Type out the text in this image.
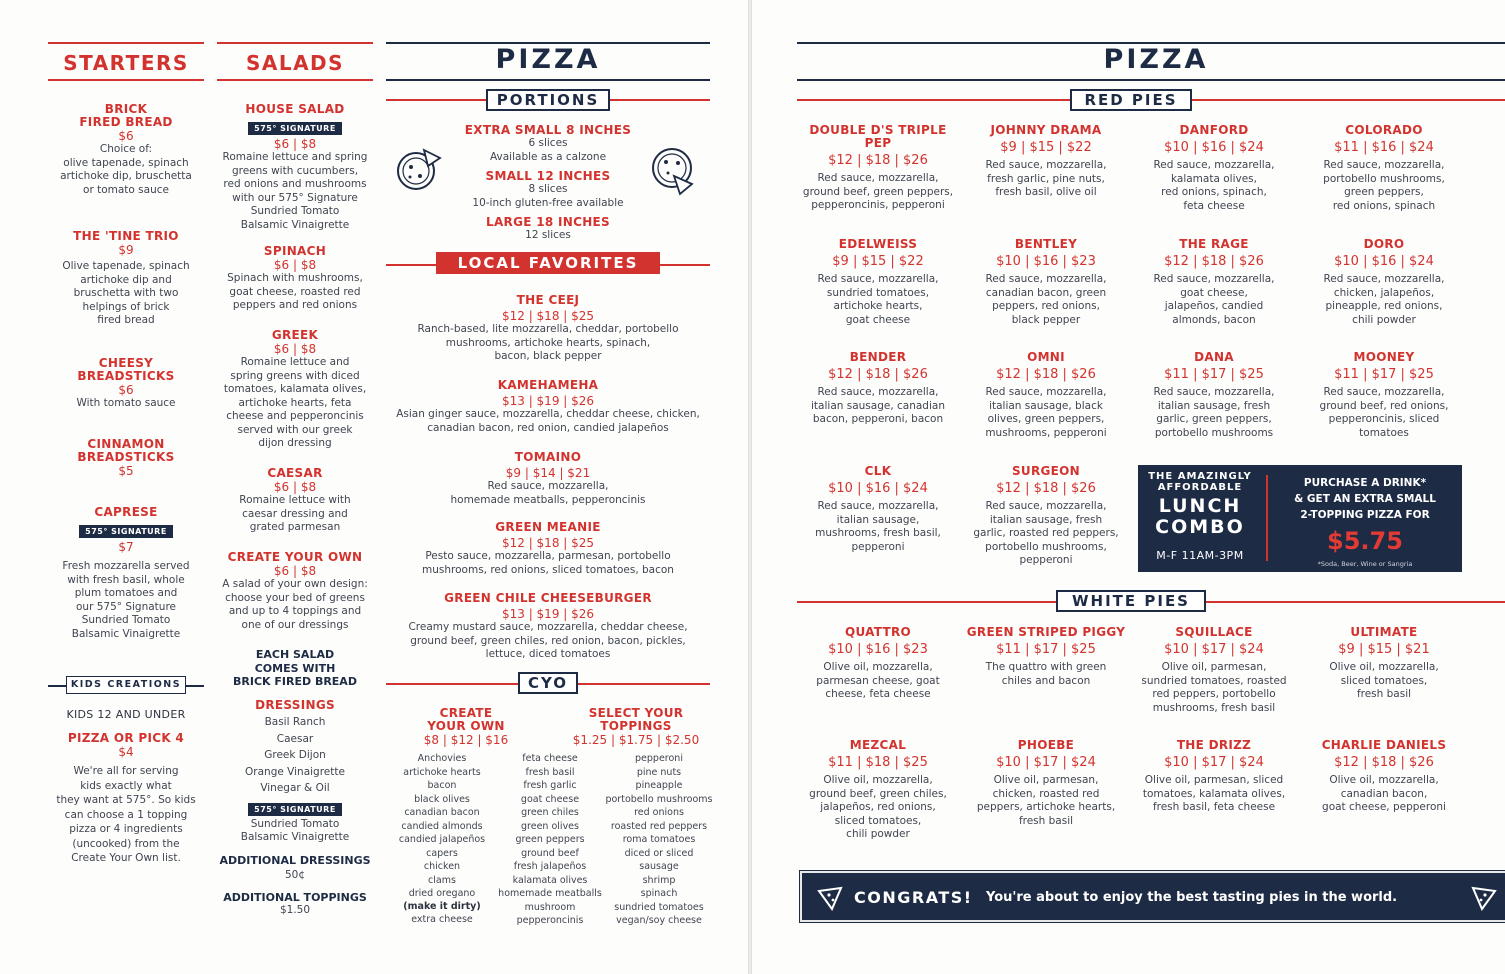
STARTERS
BRICK
FIRED BREAD
$6
Choice of:
olive tapenade, spinach
artichoke dip, bruschetta
or tomato sauce
THE 'TINE TRIO
$9
Olive tapenade, spinach
artichoke dip and
bruschetta with two
helpings of brick
fired bread
CHEESY
BREADSTICKS
$6
With tomato sauce
CINNAMON
BREADSTICKS
$5
CAPRESE
575° SIGNATURE
$7
Fresh mozzarella served
with fresh basil, whole
plum tomatoes and
our 575° Signature
Sundried Tomato
Balsamic Vinaigrette
KIDS CREATIONS
KIDS 12 AND UNDER
PIZZA OR PICK 4
$4
We're all for serving
kids exactly what
they want at 575°. So kids
can choose a 1 topping
pizza or 4 ingredients
(uncooked) from the
Create Your Own list.
SALADS
HOUSE SALAD
575° SIGNATURE
$6 | $8
Romaine lettuce and spring
greens with cucumbers,
red onions and mushrooms
with our 575° Signature
Sundried Tomato
Balsamic Vinaigrette
SPINACH
$6 | $8
Spinach with mushrooms,
goat cheese, roasted red
peppers and red onions
GREEK
$6 | $8
Romaine lettuce and
spring greens with diced
tomatoes, kalamata olives,
artichoke hearts, feta
cheese and pepperoncinis
served with our greek
dijon dressing
CAESAR
$6 | $8
Romaine lettuce with
caesar dressing and
grated parmesan
CREATE YOUR OWN
$6 | $8
A salad of your own design:
choose your bed of greens
and up to 4 toppings and
one of our dressings
EACH SALAD
COMES WITH
BRICK FIRED BREAD
DRESSINGS
Basil Ranch
Caesar
Greek Dijon
Orange Vinaigrette
Vinegar & Oil
575° SIGNATURE
Sundried Tomato
Balsamic Vinaigrette
ADDITIONAL DRESSINGS
50¢
ADDITIONAL TOPPINGS
$1.50
PIZZA
PORTIONS
EXTRA SMALL 8 INCHES
6 slices
Available as a calzone
SMALL 12 INCHES
8 slices
10-inch gluten-free available
LARGE 18 INCHES
12 slices
LOCAL FAVORITES
THE CEEJ
$12 | $18 | $25
Ranch-based, lite mozzarella, cheddar, portobello
mushrooms, artichoke hearts, spinach,
bacon, black pepper
KAMEHAMEHA
$13 | $19 | $26
Asian ginger sauce, mozzarella, cheddar cheese, chicken,
canadian bacon, red onion, candied jalapeños
TOMAINO
$9 | $14 | $21
Red sauce, mozzarella,
homemade meatballs, pepperoncinis
GREEN MEANIE
$12 | $18 | $25
Pesto sauce, mozzarella, parmesan, portobello
mushrooms, red onions, sliced tomatoes, bacon
GREEN CHILE CHEESEBURGER
$13 | $19 | $26
Creamy mustard sauce, mozzarella, cheddar cheese,
ground beef, green chiles, red onion, bacon, pickles,
lettuce, diced tomatoes
CYO
CREATE
YOUR OWN
$8 | $12 | $16
SELECT YOUR
TOPPINGS
$1.25 | $1.75 | $2.50
Anchovies
artichoke hearts
bacon
black olives
canadian bacon
candied almonds
candied jalapeños
capers
chicken
clams
dried oregano
(make it dirty)
extra cheese
feta cheese
fresh basil
fresh garlic
goat cheese
green chiles
green olives
green peppers
ground beef
fresh jalapeños
kalamata olives
homemade meatballs
mushroom
pepperoncinis
pepperoni
pine nuts
pineapple
portobello mushrooms
red onions
roasted red peppers
roma tomatoes
diced or sliced
sausage
shrimp
spinach
sundried tomatoes
vegan/soy cheese
PIZZA
RED PIES
DOUBLE D'S TRIPLE PEP
$12 | $18 | $26
Red sauce, mozzarella,
ground beef, green peppers,
pepperoncinis, pepperoni
JOHNNY DRAMA
$9 | $15 | $22
Red sauce, mozzarella,
fresh garlic, pine nuts,
fresh basil, olive oil
DANFORD
$10 | $16 | $24
Red sauce, mozzarella,
kalamata olives,
red onions, spinach,
feta cheese
COLORADO
$11 | $16 | $24
Red sauce, mozzarella,
portobello mushrooms,
green peppers,
red onions, spinach
EDELWEISS
$9 | $15 | $22
Red sauce, mozzarella,
sundried tomatoes,
artichoke hearts,
goat cheese
BENTLEY
$10 | $16 | $23
Red sauce, mozzarella,
canadian bacon, green
peppers, red onions,
black pepper
THE RAGE
$12 | $18 | $26
Red sauce, mozzarella,
goat cheese,
jalapeños, candied
almonds, bacon
DORO
$10 | $16 | $24
Red sauce, mozzarella,
chicken, jalapeños,
pineapple, red onions,
chili powder
BENDER
$12 | $18 | $26
Red sauce, mozzarella,
italian sausage, canadian
bacon, pepperoni, bacon
OMNI
$12 | $18 | $26
Red sauce, mozzarella,
italian sausage, black
olives, green peppers,
mushrooms, pepperoni
DANA
$11 | $17 | $25
Red sauce, mozzarella,
italian sausage, fresh
garlic, green peppers,
portobello mushrooms
MOONEY
$11 | $17 | $25
Red sauce, mozzarella,
ground beef, red onions,
pepperoncinis, sliced
tomatoes
CLK
$10 | $16 | $24
Red sauce, mozzarella,
italian sausage,
mushrooms, fresh basil,
pepperoni
SURGEON
$12 | $18 | $26
Red sauce, mozzarella,
italian sausage, fresh
garlic, roasted red peppers,
portobello mushrooms,
pepperoni
THE AMAZINGLY
AFFORDABLE
LUNCH
COMBO
M-F 11AM-3PM
PURCHASE A DRINK*
& GET AN EXTRA SMALL
2-TOPPING PIZZA FOR
$5.75
*Soda, Beer, Wine or Sangria
WHITE PIES
QUATTRO
$10 | $16 | $23
Olive oil, mozzarella,
parmesan cheese, goat
cheese, feta cheese
GREEN STRIPED PIGGY
$11 | $17 | $25
The quattro with green
chiles and bacon
SQUILLACE
$10 | $17 | $24
Olive oil, parmesan,
sundried tomatoes, roasted
red peppers, portobello
mushrooms, fresh basil
ULTIMATE
$9 | $15 | $21
Olive oil, mozzarella,
sliced tomatoes,
fresh basil
MEZCAL
$11 | $18 | $25
Olive oil, mozzarella,
ground beef, green chiles,
jalapeños, red onions,
sliced tomatoes,
chili powder
PHOEBE
$10 | $17 | $24
Olive oil, parmesan,
chicken, roasted red
peppers, artichoke hearts,
fresh basil
THE DRIZZ
$10 | $17 | $24
Olive oil, parmesan, sliced
tomatoes, kalamata olives,
fresh basil, feta cheese
CHARLIE DANIELS
$12 | $18 | $26
Olive oil, mozzarella,
canadian bacon,
goat cheese, pepperoni
CONGRATS! You're about to enjoy the best tasting pies in the world.
